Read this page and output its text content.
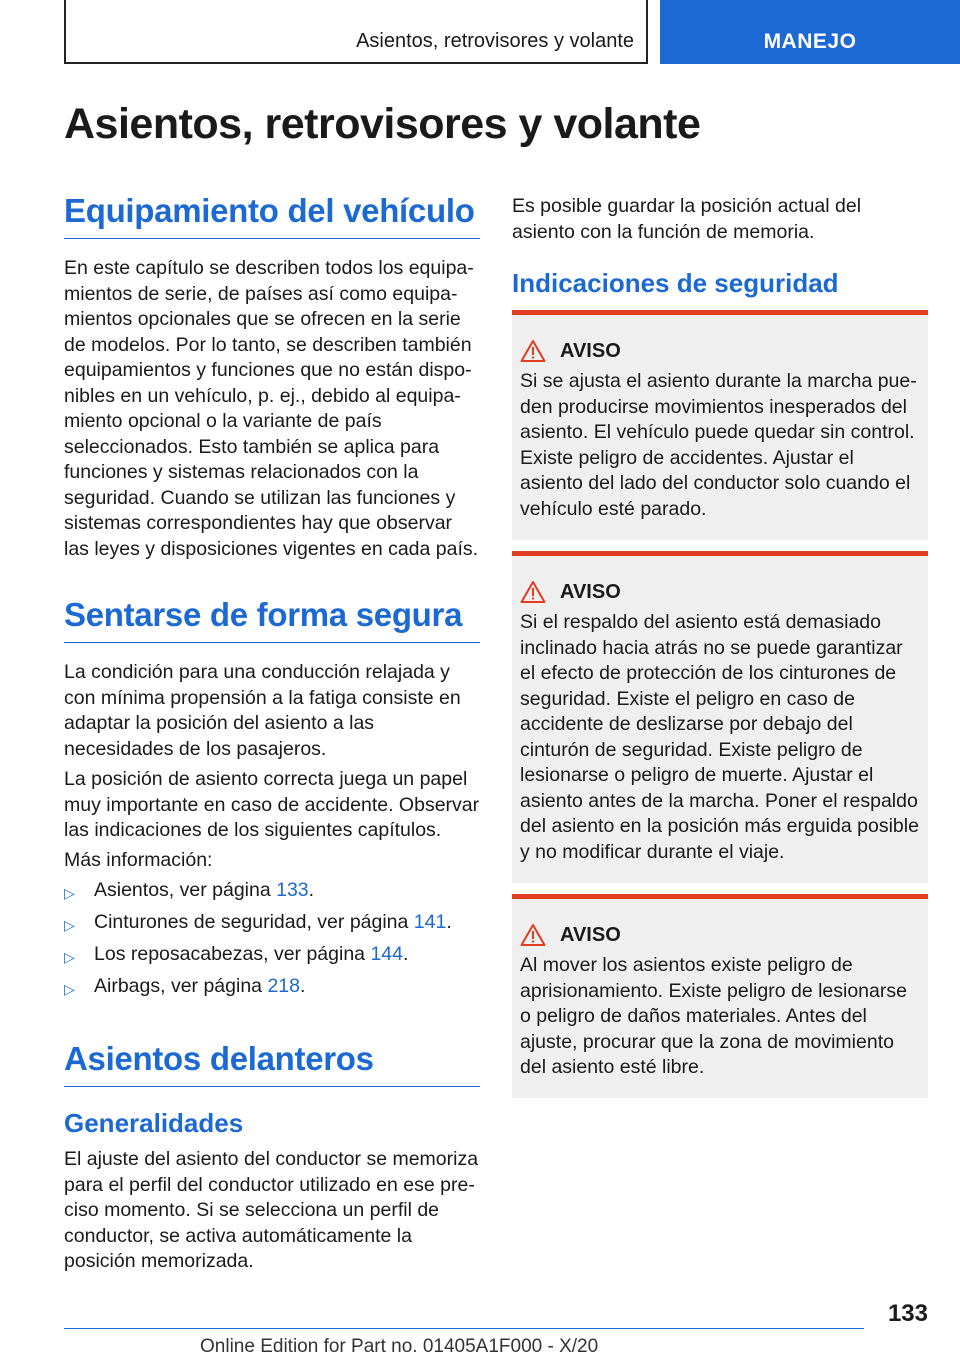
Asientos, retrovisores y volante	MANEJO
Asientos, retrovisores y volante
Equipamiento del vehículo

En este capítulo se describen todos los equipamientos de serie, de países así como equipamientos opcionales que se ofrecen en la serie de modelos. Por lo tanto, se describen también equipamientos y funciones que no están disponibles en un vehículo, p. ej., debido al equipamiento opcional o la variante de país seleccionados. Esto también se aplica para funciones y sistemas relacionados con la seguridad. Cuando se utilizan las funciones y sistemas correspondientes hay que observar las leyes y disposiciones vigentes en cada país.

Sentarse de forma segura

La condición para una conducción relajada y con mínima propensión a la fatiga consiste en adaptar la posición del asiento a las necesidades de los pasajeros.

La posición de asiento correcta juega un papel muy importante en caso de accidente. Observar las indicaciones de los siguientes capítulos.

Más información:

▷ Asientos, ver página 133.
▷ Cinturones de seguridad, ver página 141.
▷ Los reposacabezas, ver página 144.
▷ Airbags, ver página 218.
Asientos delanteros
Generalidades

El ajuste del asiento del conductor se memoriza para el perfil del conductor utilizado en ese preciso momento. Si se selecciona un perfil de conductor, se activa automáticamente la posición memorizada.

Es posible guardar la posición actual del asiento con la función de memoria.

Indicaciones de seguridad
AVISO

Si se ajusta el asiento durante la marcha pueden producirse movimientos inesperados del asiento. El vehículo puede quedar sin control. Existe peligro de accidentes. Ajustar el asiento del lado del conductor solo cuando el vehículo esté parado.

AVISO

Si el respaldo del asiento está demasiado inclinado hacia atrás no se puede garantizar el efecto de protección de los cinturones de seguridad. Existe el peligro en caso de accidente de deslizarse por debajo del cinturón de seguridad. Existe peligro de lesionarse o peligro de muerte. Ajustar el asiento antes de la marcha. Poner el respaldo del asiento en la posición más erguida posible y no modificar durante el viaje.

AVISO

Al mover los asientos existe peligro de aprisionamiento. Existe peligro de lesionarse o peligro de daños materiales. Antes del ajuste, procurar que la zona de movimiento del asiento esté libre.

133
Online Edition for Part no. 01405A1F000 - X/20
